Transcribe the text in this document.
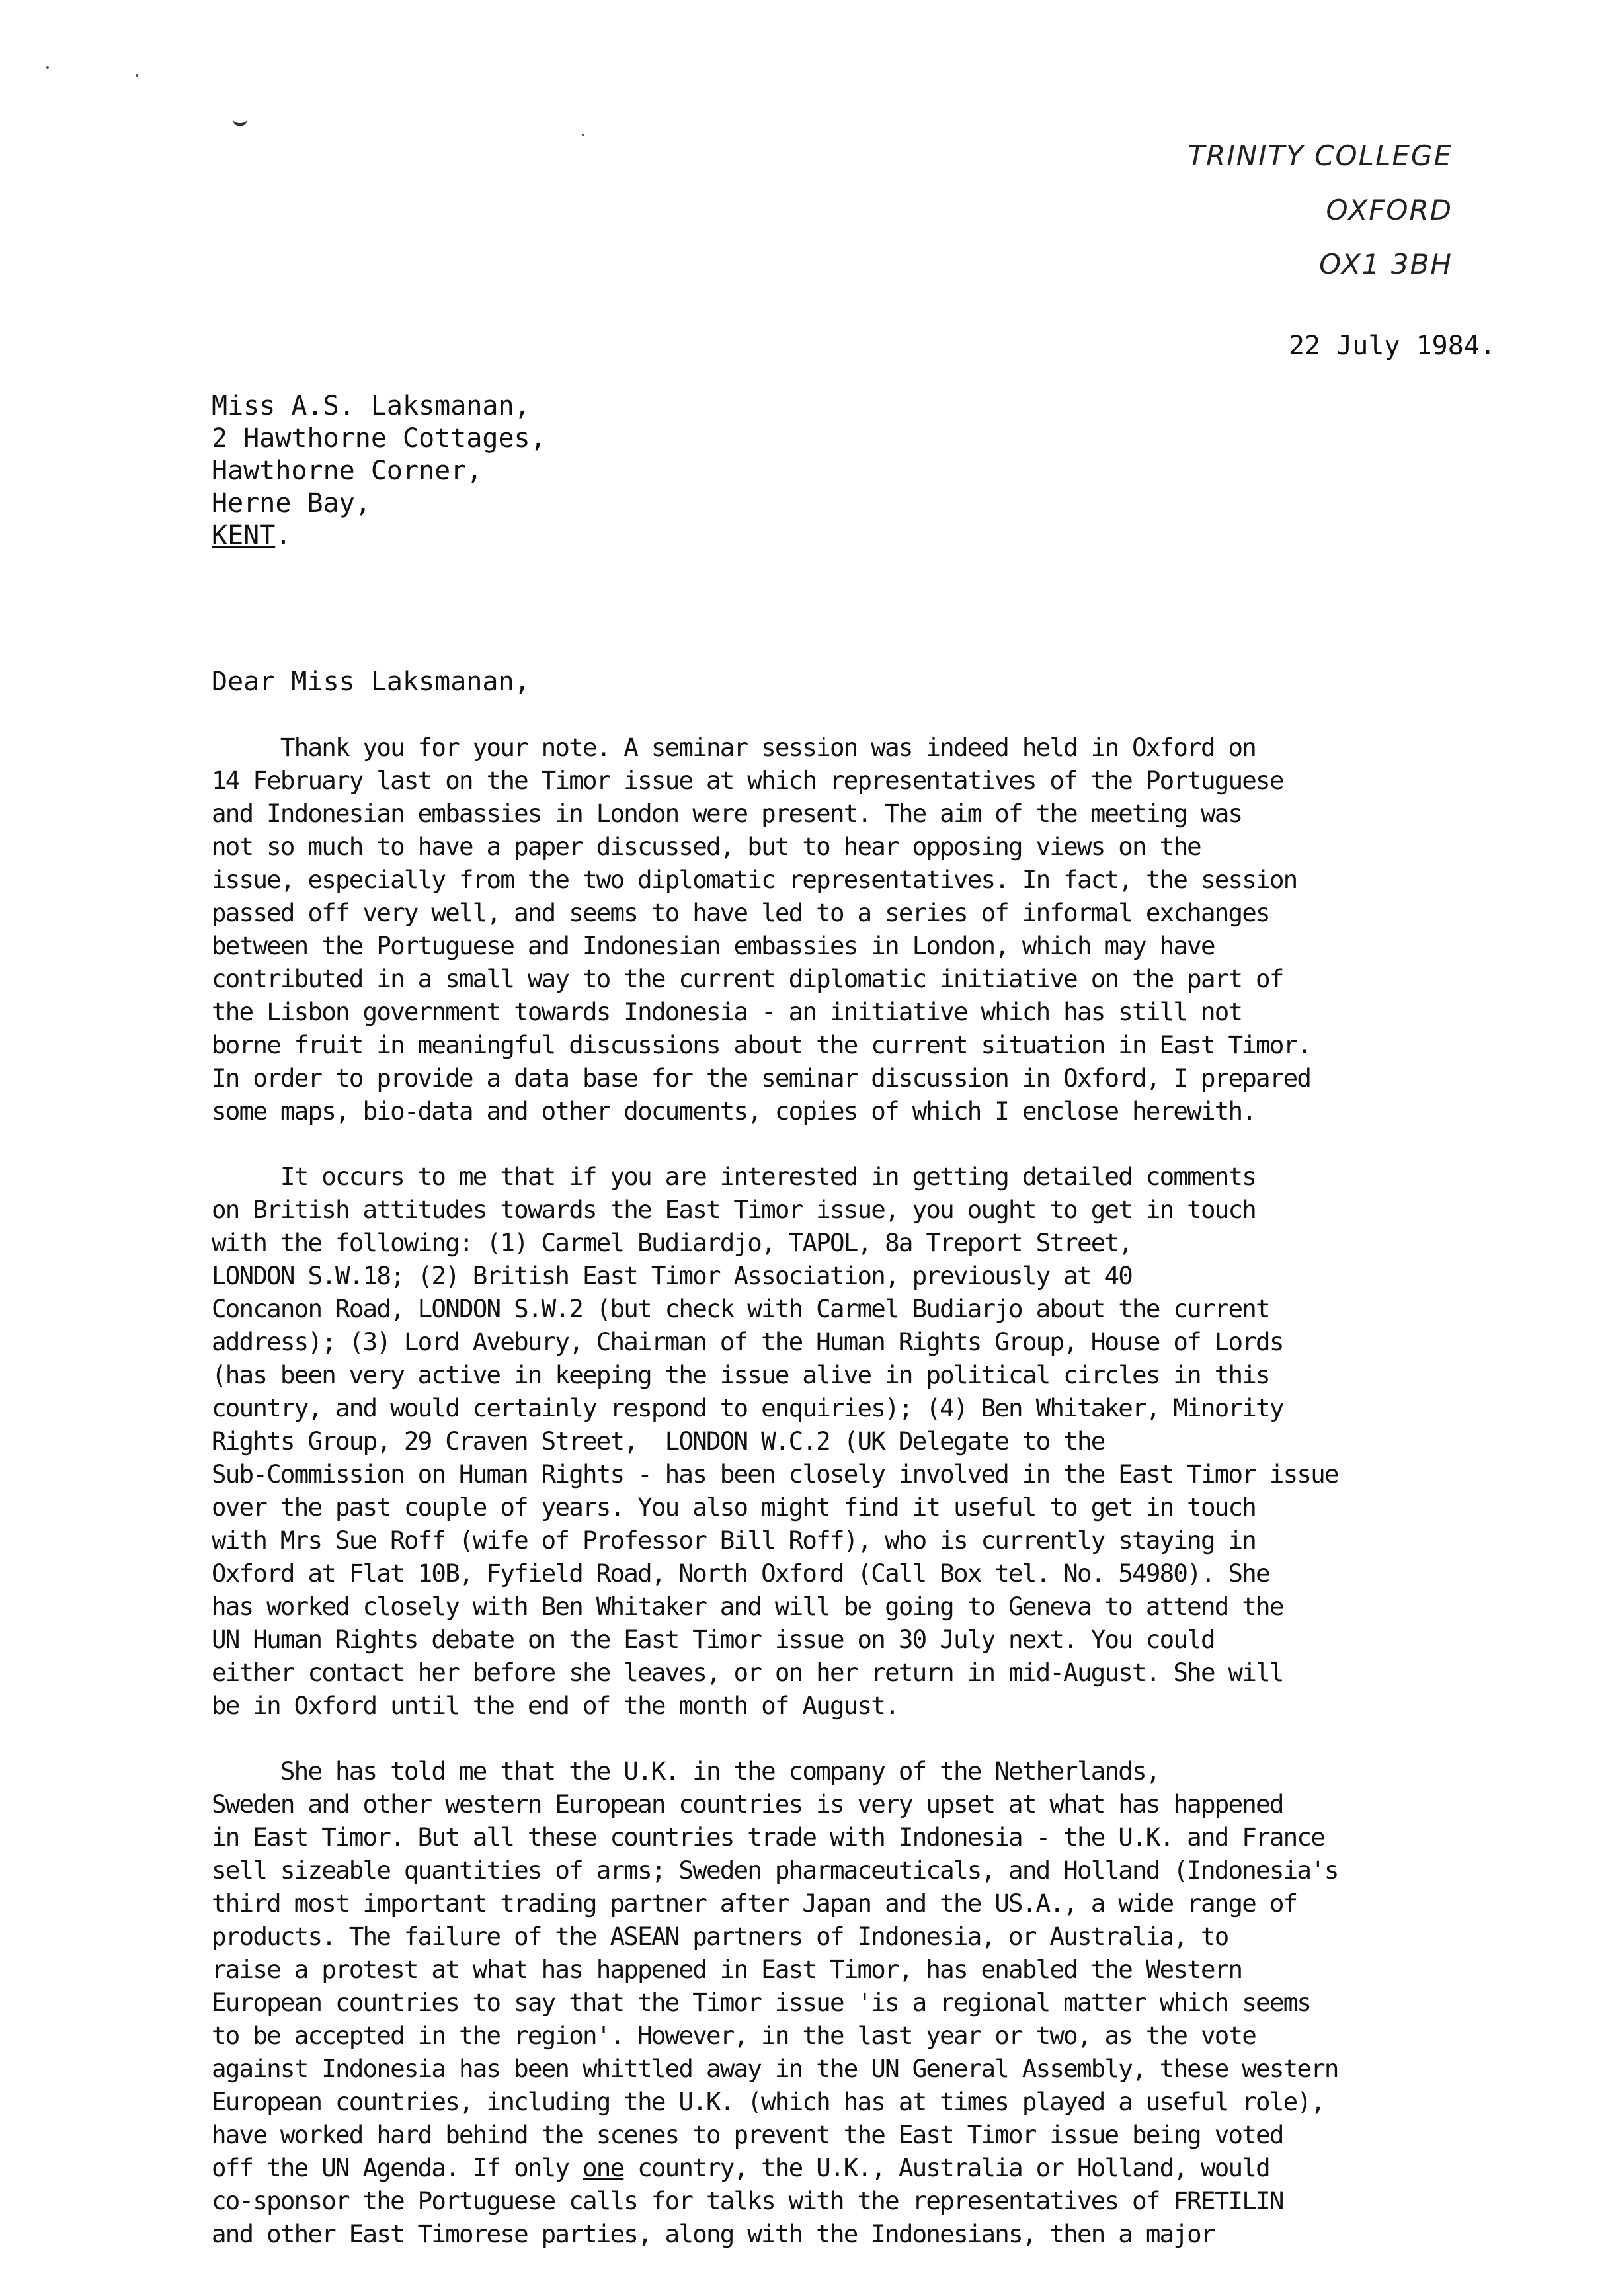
TRINITY COLLEGE
OXFORD
OX1 3BH
22 July 1984.
Miss A.S. Laksmanan,
2 Hawthorne Cottages,
Hawthorne Corner,
Herne Bay,
KENT.
Dear Miss Laksmanan,
Thank you for your note. A seminar session was indeed held in Oxford on
14 February last on the Timor issue at which representatives of the Portuguese
and Indonesian embassies in London were present. The aim of the meeting was
not so much to have a paper discussed, but to hear opposing views on the
issue, especially from the two diplomatic representatives. In fact, the session
passed off very well, and seems to have led to a series of informal exchanges
between the Portuguese and Indonesian embassies in London, which may have
contributed in a small way to the current diplomatic initiative on the part of
the Lisbon government towards Indonesia - an initiative which has still not
borne fruit in meaningful discussions about the current situation in East Timor.
In order to provide a data base for the seminar discussion in Oxford, I prepared
some maps, bio-data and other documents, copies of which I enclose herewith.
It occurs to me that if you are interested in getting detailed comments
on British attitudes towards the East Timor issue, you ought to get in touch
with the following: (1) Carmel Budiardjo, TAPOL, 8a Treport Street,
LONDON S.W.18; (2) British East Timor Association, previously at 40
Concanon Road, LONDON S.W.2 (but check with Carmel Budiarjo about the current
address); (3) Lord Avebury, Chairman of the Human Rights Group, House of Lords
(has been very active in keeping the issue alive in political circles in this
country, and would certainly respond to enquiries); (4) Ben Whitaker, Minority
Rights Group, 29 Craven Street,  LONDON W.C.2 (UK Delegate to the
Sub-Commission on Human Rights - has been closely involved in the East Timor issue
over the past couple of years. You also might find it useful to get in touch
with Mrs Sue Roff (wife of Professor Bill Roff), who is currently staying in
Oxford at Flat 10B, Fyfield Road, North Oxford (Call Box tel. No. 54980). She
has worked closely with Ben Whitaker and will be going to Geneva to attend the
UN Human Rights debate on the East Timor issue on 30 July next. You could
either contact her before she leaves, or on her return in mid-August. She will
be in Oxford until the end of the month of August.
She has told me that the U.K. in the company of the Netherlands,
Sweden and other western European countries is very upset at what has happened
in East Timor. But all these countries trade with Indonesia - the U.K. and France
sell sizeable quantities of arms; Sweden pharmaceuticals, and Holland (Indonesia's
third most important trading partner after Japan and the US.A., a wide range of
products. The failure of the ASEAN partners of Indonesia, or Australia, to
raise a protest at what has happened in East Timor, has enabled the Western
European countries to say that the Timor issue 'is a regional matter which seems
to be accepted in the region'. However, in the last year or two, as the vote
against Indonesia has been whittled away in the UN General Assembly, these western
European countries, including the U.K. (which has at times played a useful role),
have worked hard behind the scenes to prevent the East Timor issue being voted
off the UN Agenda. If only one country, the U.K., Australia or Holland, would
co-sponsor the Portuguese calls for talks with the representatives of FRETILIN
and other East Timorese parties, along with the Indonesians, then a major
